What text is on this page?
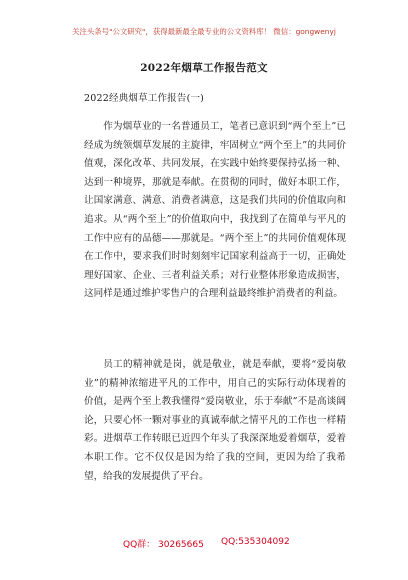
关注头条号"公文研究"，获得最新最全最专业的公文资料库！ 微信：gongwenyj
2022年烟草工作报告范文
2022经典烟草工作报告(一)
作为烟草业的一名普通员工，笔者已意识到“两个至上”已经成为统领烟草发展的主旋律，牢固树立“两个至上”的共同价值观，深化改革、共同发展，在实践中始终要保持弘扬一种、达到一种境界，那就是奉献。在贯彻的同时，做好本职工作，让国家满意、满意、消费者满意，这是我们共同的价值取向和追求。从“两个至上”的价值取向中，我找到了在简单与平凡的工作中应有的品德——那就是。“两个至上”的共同价值观体现在工作中，要求我们时时刻刻牢记国家利益高于一切，正确处理好国家、企业、三者利益关系；对行业整体形象造成损害，这同样是通过维护零售户的合理利益最终维护消费者的利益。
员工的精神就是岗，就是敬业，就是奉献，要将“爱岗敬业”的精神浓缩进平凡的工作中，用自己的实际行动体现着的价值，是两个至上教我懂得“爱岗敬业，乐于奉献”不是高谈阔论，只要心怀一颗对事业的真诚奉献之情平凡的工作也一样精彩。进烟草工作转眼已近四个年头了我深深地爱着烟草，爱着本职工作。它不仅仅是因为给了我的空间，更因为给了我希望，给我的发展提供了平台。
QQ群： 30265665 QQ:535304092
